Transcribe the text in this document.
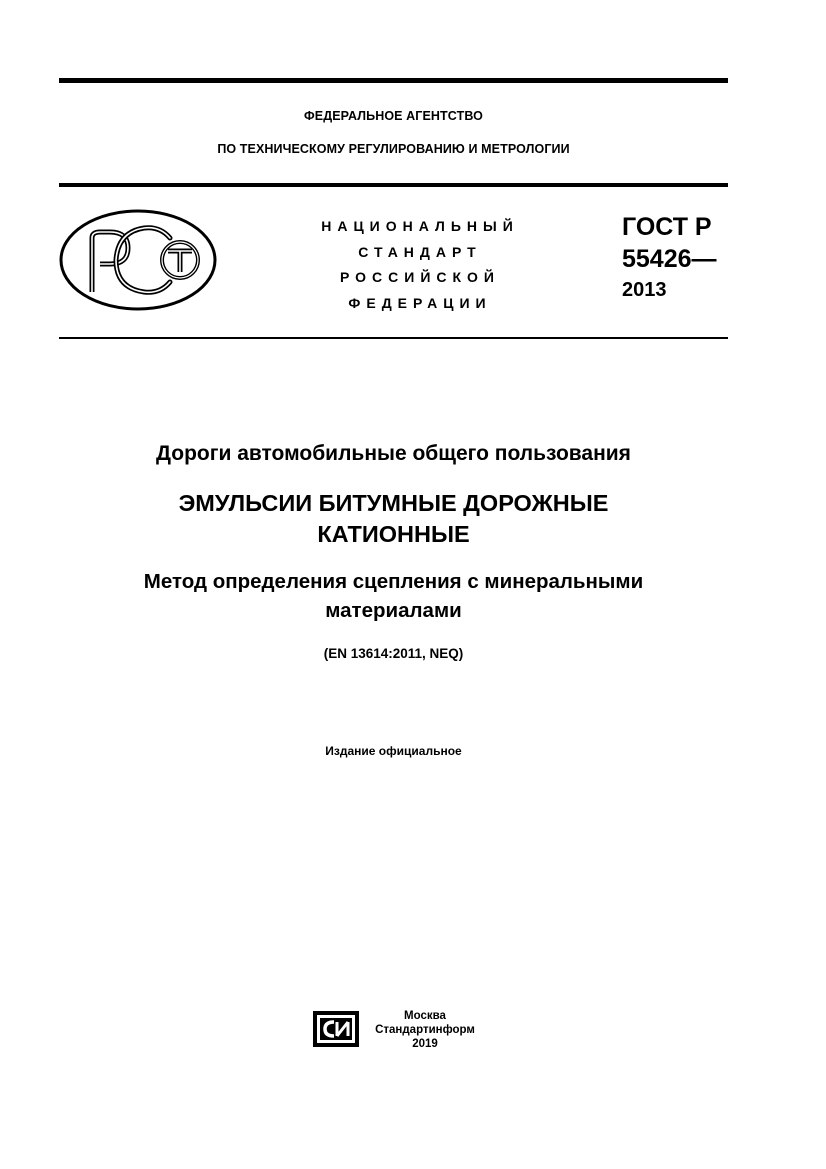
ФЕДЕРАЛЬНОЕ АГЕНТСТВО
ПО ТЕХНИЧЕСКОМУ РЕГУЛИРОВАНИЮ И МЕТРОЛОГИИ
НАЦИОНАЛЬНЫЙ
СТАНДАРТ
РОССИЙСКОЙ
ФЕДЕРАЦИИ
ГОСТ Р
55426—
2013
Дороги автомобильные общего пользования
ЭМУЛЬСИИ БИТУМНЫЕ ДОРОЖНЫЕ
КАТИОННЫЕ
Метод определения сцепления с минеральными
материалами
(EN 13614:2011, NEQ)
Издание официальное
Москва
Стандартинформ
2019
